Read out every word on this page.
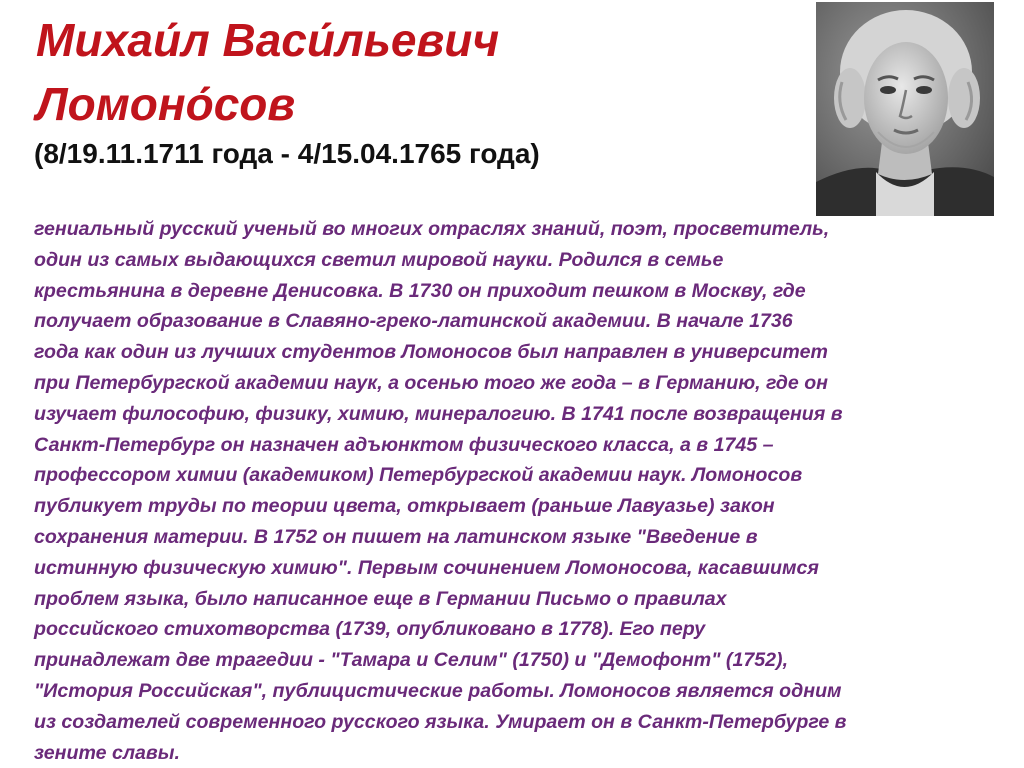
Михаи́л Васи́льевич
Ломоно́сов
(8/19.11.1711 года - 4/15.04.1765 года)
гениальный русский ученый во многих отраслях знаний, поэт, просветитель,
один из самых выдающихся светил мировой науки. Родился в семье
крестьянина в деревне Денисовка. В 1730 он приходит пешком в Москву, где
получает образование в Славяно-греко-латинской академии. В начале 1736
года как один из лучших студентов Ломоносов был направлен в университет
при Петербургской академии наук, а осенью того же года – в Германию, где он
изучает философию, физику, химию, минералогию. В 1741 после возвращения в
Санкт-Петербург он назначен адъюнктом физического класса, а в 1745 –
профессором химии (академиком) Петербургской академии наук. Ломоносов
публикует труды по теории цвета, открывает (раньше Лавуазье) закон
сохранения материи. В 1752 он пишет на латинском языке "Введение в
истинную физическую химию". Первым сочинением Ломоносова, касавшимся
проблем языка, было написанное еще в Германии Письмо о правилах
российского стихотворства (1739, опубликовано в 1778). Его перу
принадлежат две трагедии - "Тамара и Селим" (1750) и "Демофонт" (1752),
"История Российская", публицистические работы. Ломоносов является одним
из создателей современного русского языка. Умирает он в Санкт-Петербурге в
зените славы.
